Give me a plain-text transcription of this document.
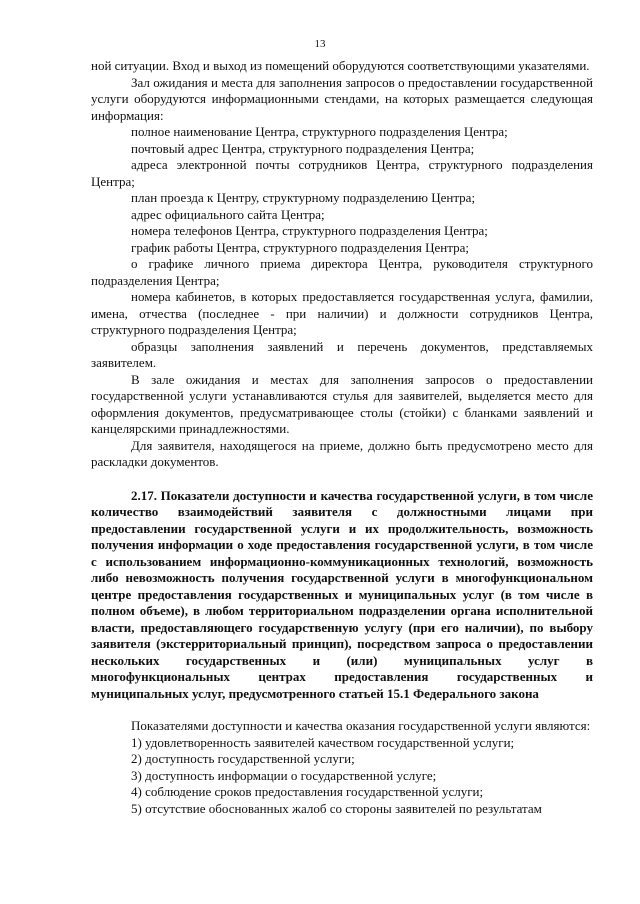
13

ной ситуации. Вход и выход из помещений оборудуются соответствующими указателями.

Зал ожидания и места для заполнения запросов о предоставлении государственной услуги оборудуются информационными стендами, на которых размещается следующая информация:

полное наименование Центра, структурного подразделения Центра;

почтовый адрес Центра, структурного подразделения Центра;

адреса электронной почты сотрудников Центра, структурного подразделения Центра;

план проезда к Центру, структурному подразделению Центра;

адрес официального сайта Центра;

номера телефонов Центра, структурного подразделения Центра;

график работы Центра, структурного подразделения Центра;

о графике личного приема директора Центра, руководителя структурного подразделения Центра;

номера кабинетов, в которых предоставляется государственная услуга, фамилии, имена, отчества (последнее - при наличии) и должности сотрудников Центра, структурного подразделения Центра;

образцы заполнения заявлений и перечень документов, представляемых заявителем.

В зале ожидания и местах для заполнения запросов о предоставлении государственной услуги устанавливаются стулья для заявителей, выделяется место для оформления документов, предусматривающее столы (стойки) с бланками заявлений и канцелярскими принадлежностями.

Для заявителя, находящегося на приеме, должно быть предусмотрено место для раскладки документов.

2.17. Показатели доступности и качества государственной услуги, в том числе количество взаимодействий заявителя с должностными лицами при предоставлении государственной услуги и их продолжительность, возможность получения информации о ходе предоставления государственной услуги, в том числе с использованием информационно-коммуникационных технологий, возможность либо невозможность получения государственной услуги в многофункциональном центре предоставления государственных и муниципальных услуг (в том числе в полном объеме), в любом территориальном подразделении органа исполнительной власти, предоставляющего государственную услугу (при его наличии), по выбору заявителя (экстерриториальный принцип), посредством запроса о предоставлении нескольких государственных и (или) муниципальных услуг в многофункциональных центрах предоставления государственных и муниципальных услуг, предусмотренного статьей 15.1 Федерального закона

Показателями доступности и качества оказания государственной услуги являются:

1) удовлетворенность заявителей качеством государственной услуги;

2) доступность государственной услуги;

3) доступность информации о государственной услуге;

4) соблюдение сроков предоставления государственной услуги;

5) отсутствие обоснованных жалоб со стороны заявителей по результатам
